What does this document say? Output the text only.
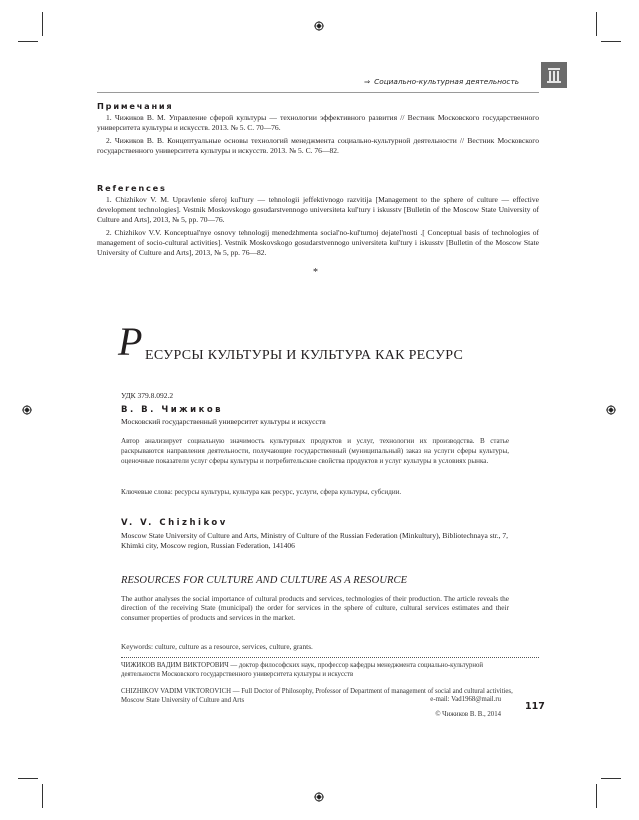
⇒ Социально-культурная деятельность
Примечания
1. Чижиков В. М. Управление сферой культуры — технологии эффективного развития // Вестник Московского государственного университета культуры и искусств. 2013. № 5. С. 70—76.
2. Чижиков В. В. Концептуальные основы технологий менеджмента социально-культурной деятельности // Вестник Московского государственного университета культуры и искусств. 2013. № 5. С. 76—82.
References
1. Chizhikov V. M. Upravlenie sferoj kul'tury — tehnologii jeffektivnogo razvitija [Management to the sphere of culture — effective development technologies]. Vestnik Moskovskogo gosudarstvennogo universiteta kul'tury i iskusstv [Bulletin of the Moscow State University of Culture and Arts], 2013, № 5, pp. 70—76.
2. Chizhikov V.V. Konceptual'nye osnovy tehnologij menedzhmenta social'no-kul'turnoj dejatel'nosti .[ Conceptual basis of technologies of management of socio-cultural activities]. Vestnik Moskovskogo gosudarstvennogo universiteta kul'tury i iskusstv [Bulletin of the Moscow State University of Culture and Arts], 2013, № 5, pp. 76—82.
*
Р ЕСУРСЫ КУЛЬТУРЫ И КУЛЬТУРА КАК РЕСУРС
УДК 379.8.092.2
В. В. Чижиков
Московский государственный университет культуры и искусств
Автор анализирует социальную значимость культурных продуктов и услуг, технологии их производства. В статье раскрываются направления деятельности, получающие государственный (муниципальный) заказ на услуги сферы культуры, оценочные показатели услуг сферы культуры и потребительские свойства продуктов и услуг культуры в условиях рынка.
Ключевые слова: ресурсы культуры, культура как ресурс, услуги, сфера культуры, субсидии.
V. V. Chizhikov
Moscow State University of Culture and Arts, Ministry of Culture of the Russian Federation (Minkultury), Bibliotechnaya str., 7, Khimki city, Moscow region, Russian Federation, 141406
RESOURCES FOR CULTURE AND CULTURE AS A RESOURCE
The author analyses the social importance of cultural products and services, technologies of their production. The article reveals the direction of the receiving State (municipal) the order for services in the sphere of culture, cultural services estimates and their consumer properties of products and services in the market.
Keywords: culture, culture as a resource, services, culture, grants.
ЧИЖИКОВ ВАДИМ ВИКТОРОВИЧ — доктор философских наук, профессор кафедры менеджмента социально-культурной деятельности Московского государственного университета культуры и искусств
CHIZHIKOV VADIM VIKTOROVICH — Full Doctor of Philosophy, Professor of Department of management of social and cultural activities, Moscow State University of Culture and Arts	e-mail: Vad1968@mail.ru
© Чижиков В. В., 2014
117
